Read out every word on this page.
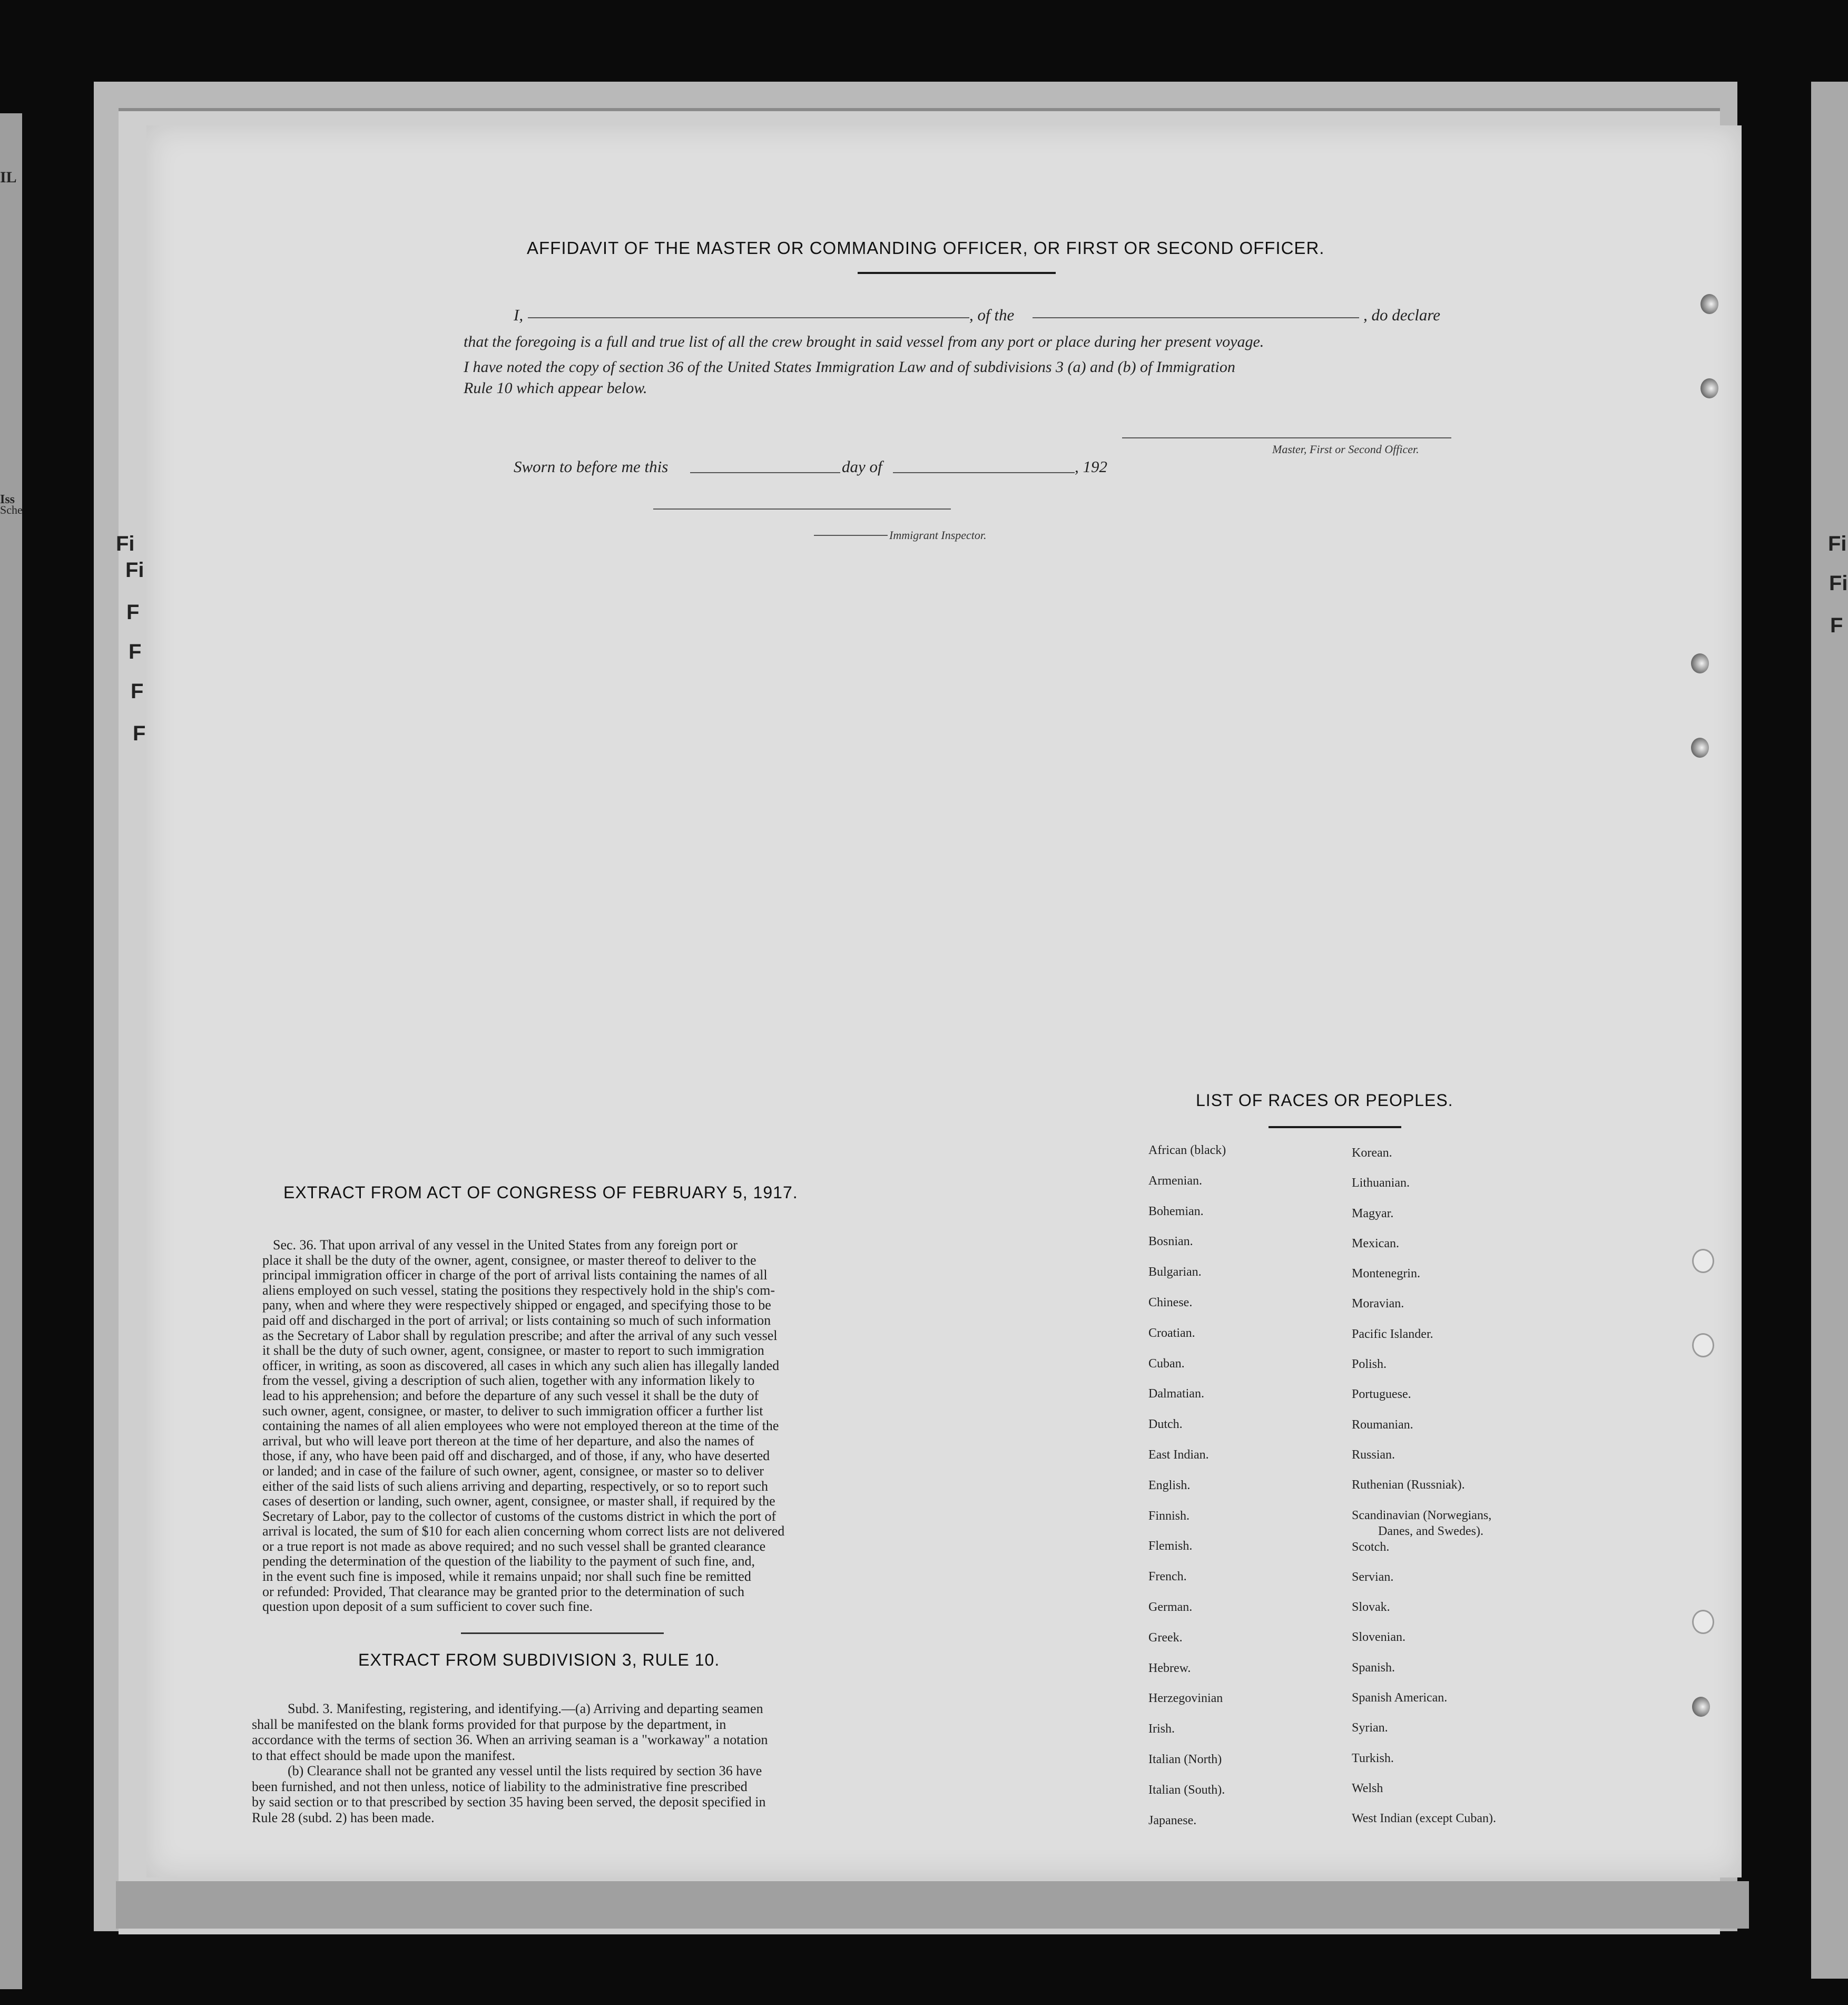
IL
Iss
Sche
Fi
Fi
F
F
F
F
Fi
Fi
F
AFFIDAVIT OF THE MASTER OR COMMANDING OFFICER, OR FIRST OR SECOND OFFICER.
I,	, of the	, do declare
that the foregoing is a full and true list of all the crew brought in said vessel from any port or place during her present voyage.
I have noted the copy of section 36 of the United States Immigration Law and of subdivisions 3 (a) and (b) of Immigration
Rule 10 which appear below.
Master, First or Second Officer.
Sworn to before me this	day of	, 192
Immigrant Inspector.
LIST OF RACES OR PEOPLES.
African (black)
Armenian.
Bohemian.
Bosnian.
Bulgarian.
Chinese.
Croatian.
Cuban.
Dalmatian.
Dutch.
East Indian.
English.
Finnish.
Flemish.
French.
German.
Greek.
Hebrew.
Herzegovinian
Irish.
Italian (North)
Italian (South).
Japanese.
Korean.
Lithuanian.
Magyar.
Mexican.
Montenegrin.
Moravian.
Pacific Islander.
Polish.
Portuguese.
Roumanian.
Russian.
Ruthenian (Russniak).
Scandinavian (Norwegians,
Danes, and Swedes).
Scotch.
Servian.
Slovak.
Slovenian.
Spanish.
Spanish American.
Syrian.
Turkish.
Welsh
West Indian (except Cuban).
EXTRACT FROM ACT OF CONGRESS OF FEBRUARY 5, 1917.
Sec. 36. That upon arrival of any vessel in the United States from any foreign port or
place it shall be the duty of the owner, agent, consignee, or master thereof to deliver to the
principal immigration officer in charge of the port of arrival lists containing the names of all
aliens employed on such vessel, stating the positions they respectively hold in the ship's com-
pany, when and where they were respectively shipped or engaged, and specifying those to be
paid off and discharged in the port of arrival; or lists containing so much of such information
as the Secretary of Labor shall by regulation prescribe; and after the arrival of any such vessel
it shall be the duty of such owner, agent, consignee, or master to report to such immigration
officer, in writing, as soon as discovered, all cases in which any such alien has illegally landed
from the vessel, giving a description of such alien, together with any information likely to
lead to his apprehension; and before the departure of any such vessel it shall be the duty of
such owner, agent, consignee, or master, to deliver to such immigration officer a further list
containing the names of all alien employees who were not employed thereon at the time of the
arrival, but who will leave port thereon at the time of her departure, and also the names of
those, if any, who have been paid off and discharged, and of those, if any, who have deserted
or landed; and in case of the failure of such owner, agent, consignee, or master so to deliver
either of the said lists of such aliens arriving and departing, respectively, or so to report such
cases of desertion or landing, such owner, agent, consignee, or master shall, if required by the
Secretary of Labor, pay to the collector of customs of the customs district in which the port of
arrival is located, the sum of $10 for each alien concerning whom correct lists are not delivered
or a true report is not made as above required; and no such vessel shall be granted clearance
pending the determination of the question of the liability to the payment of such fine, and,
in the event such fine is imposed, while it remains unpaid; nor shall such fine be remitted
or refunded: Provided, That clearance may be granted prior to the determination of such
question upon deposit of a sum sufficient to cover such fine.
EXTRACT FROM SUBDIVISION 3, RULE 10.
Subd. 3. Manifesting, registering, and identifying.—(a) Arriving and departing seamen
shall be manifested on the blank forms provided for that purpose by the department, in
accordance with the terms of section 36. When an arriving seaman is a "workaway" a notation
to that effect should be made upon the manifest.
(b) Clearance shall not be granted any vessel until the lists required by section 36 have
been furnished, and not then unless, notice of liability to the administrative fine prescribed
by said section or to that prescribed by section 35 having been served, the deposit specified in
Rule 28 (subd. 2) has been made.
